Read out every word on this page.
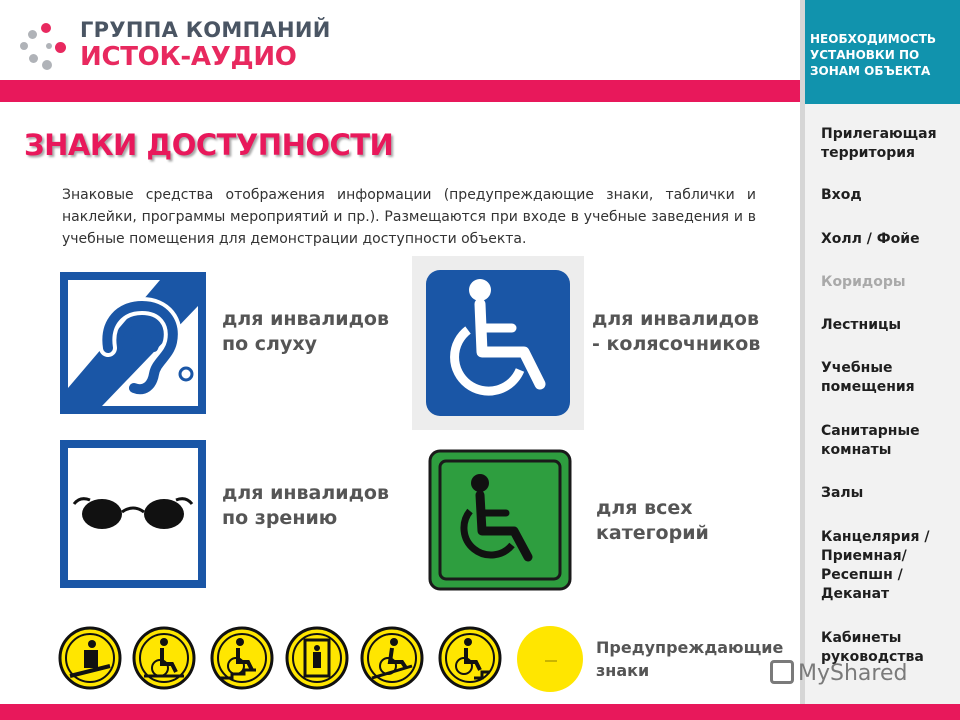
ГРУППА КОМПАНИЙ
ИСТОК-АУДИО
ЗНАКИ ДОСТУПНОСТИ
Знаковые средства отображения информации (предупреждающие знаки, таблички и наклейки, программы мероприятий и пр.). Размещаются при входе в учебные заведения и в учебные помещения для демонстрации доступности объекта.
для инвалидов по слуху
для инвалидов - колясочников
для инвалидов по зрению	для всех категорий
Предупреждающие знаки
НЕОБХОДИМОСТЬ УСТАНОВКИ ПО ЗОНАМ ОБЪЕКТА
Прилегающая территория
Вход
Холл / Фойе
Коридоры
Лестницы
Учебные помещения
Санитарные комнаты
Залы
Канцелярия / Приемная/ Ресепшн / Деканат
Кабинеты руководства
MyShared
